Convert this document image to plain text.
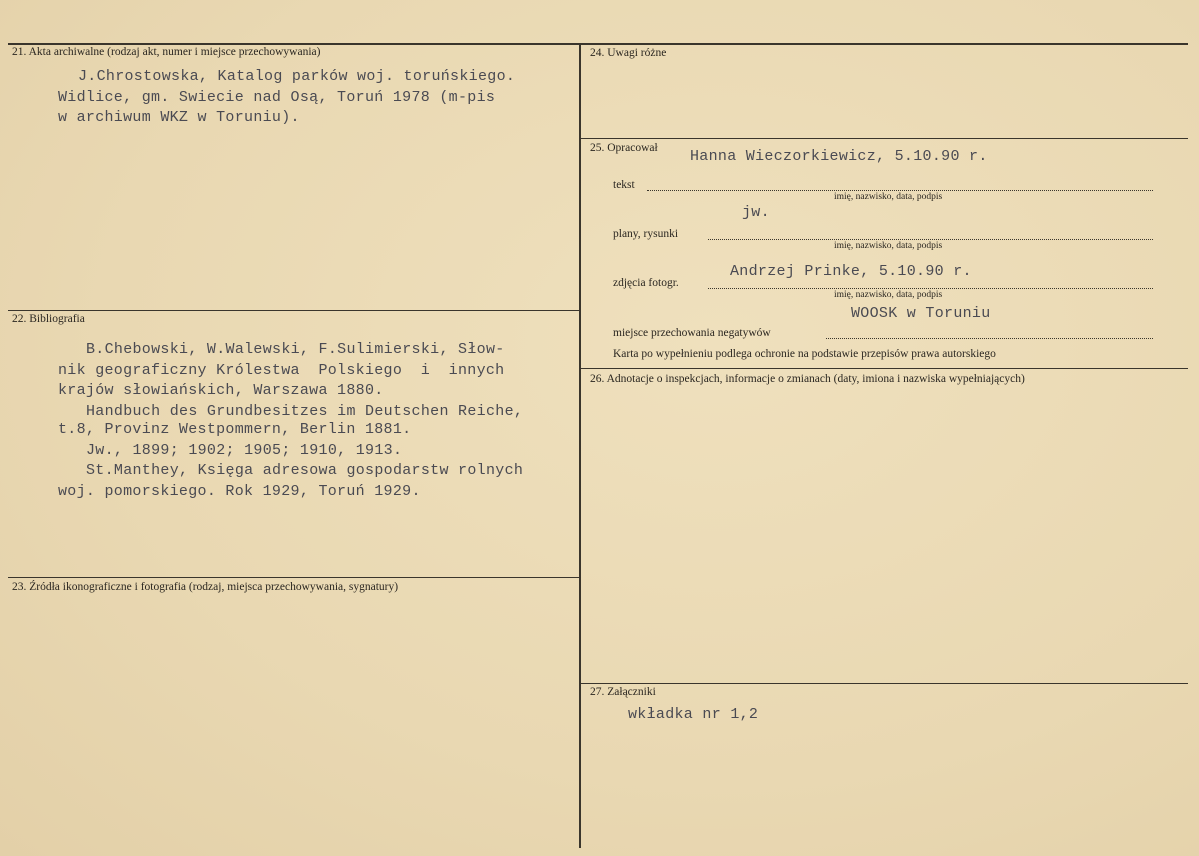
21. Akta archiwalne (rodzaj akt, numer i miejsce przechowywania)
J.Chrostowska, Katalog parków woj. toruńskiego.
Widlice, gm. Swiecie nad Osą, Toruń 1978 (m-pis
w archiwum WKZ w Toruniu).
22. Bibliografia
B.Chebowski, W.Walewski, F.Sulimierski, Słow-
nik geograficzny Królestwa  Polskiego  i  innych
krajów słowiańskich, Warszawa 1880.
Handbuch des Grundbesitzes im Deutschen Reiche,
t.8, Provinz Westpommern, Berlin 1881.
Jw., 1899; 1902; 1905; 1910, 1913.
St.Manthey, Księga adresowa gospodarstw rolnych
woj. pomorskiego. Rok 1929, Toruń 1929.
23. Źródła ikonograficzne i fotografia (rodzaj, miejsca przechowywania, sygnatury)
24. Uwagi różne
25. Opracował Hanna Wieczorkiewicz, 5.10.90 r.
tekst
imię, nazwisko, data, podpis
jw.
plany, rysunki
imię, nazwisko, data, podpis
Andrzej Prinke, 5.10.90 r.
zdjęcia fotogr.
imię, nazwisko, data, podpis
WOOSK w Toruniu
miejsce przechowania negatywów
Karta po wypełnieniu podlega ochronie na podstawie przepisów prawa autorskiego
26. Adnotacje o inspekcjach, informacje o zmianach (daty, imiona i nazwiska wypełniających)
27. Załączniki
wkładka nr 1,2
